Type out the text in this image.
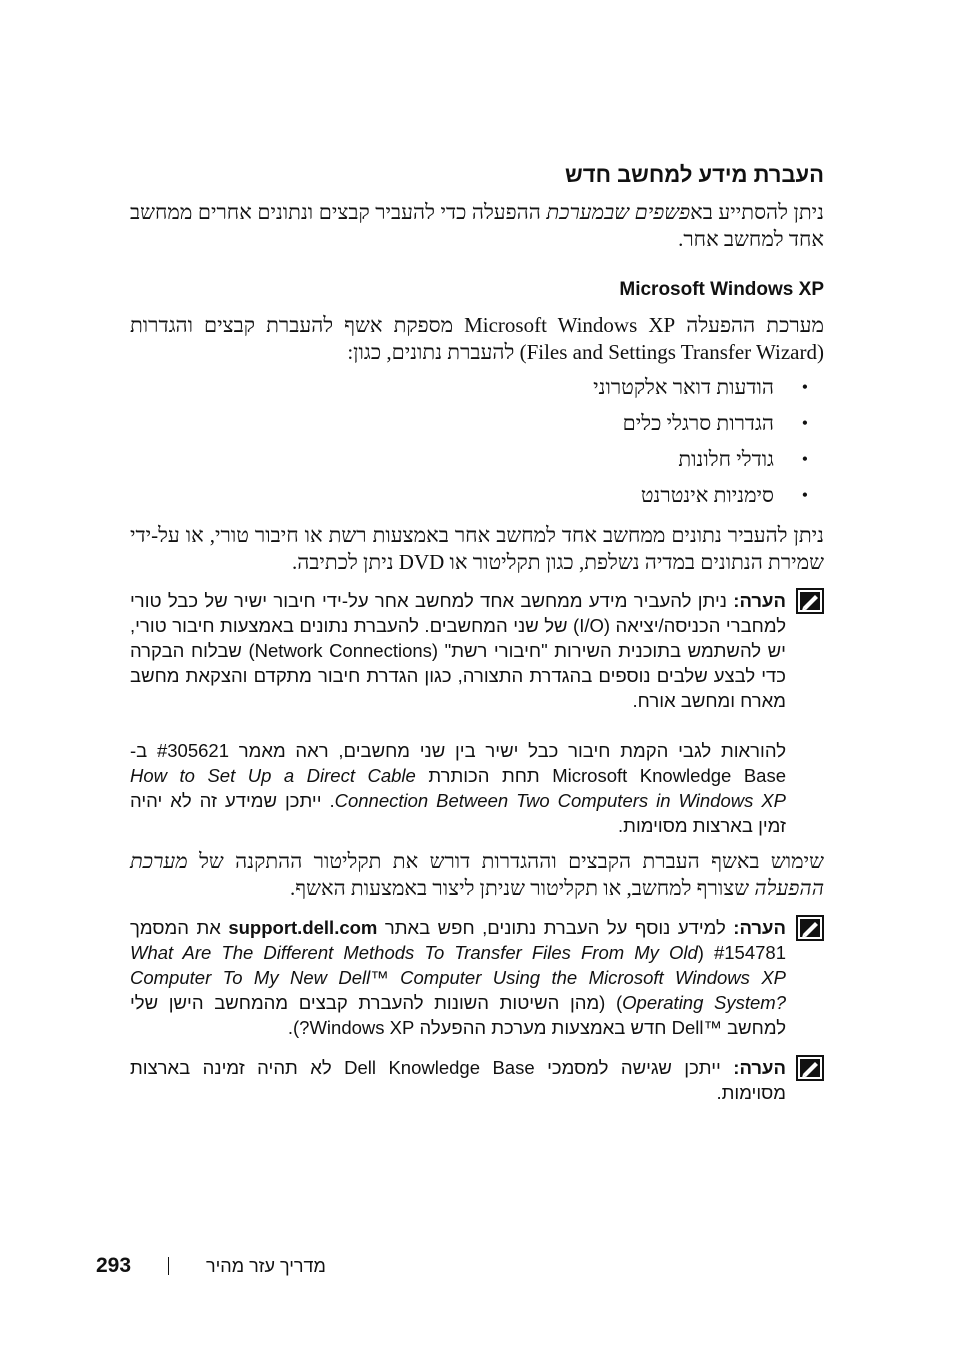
העברת מידע למחשב חדש
ניתן להסתייע באפשפים שבמערכת ההפעלה כדי להעביר קבצים ונתונים אחרים ממחשב אחד למחשב אחר.
Microsoft Windows XP
מערכת ההפעלה Microsoft Windows XP מספקת אשף להעברת קבצים והגדרות (Files and Settings Transfer Wizard) להעברת נתונים, כגון:
•
הודעות דואר אלקטרוני
•
הגדרות סרגלי כלים
•
גודלי חלונות
•
סימניות אינטרנט
ניתן להעביר נתונים ממחשב אחד למחשב אחר באמצעות רשת או חיבור טורי, או על-ידי שמירת הנתונים במדיה נשלפת, כגון תקליטור או DVD ניתן לכתיבה.
הערה: ניתן להעביר מידע ממחשב אחד למחשב אחר על-ידי חיבור ישיר של כבל טורי למחברי הכניסה/יציאה (I/O) של שני המחשבים. להעברת נתונים באמצעות חיבור טורי, יש להשתמש בתוכנית השירות "חיבורי רשת" (Network Connections) שבלוח הבקרה כדי לבצע שלבים נוספים בהגדרת התצורה, כגון הגדרת חיבור מתקדם והצקאת מחשב מארח ומחשב אורח.
להוראות לגבי הקמת חיבור כבל ישיר בין שני מחשבים, ראה מאמר #305621 ב-Microsoft Knowledge Base תחת הכותרת How to Set Up a Direct Cable Connection Between Two Computers in Windows XP. ייתכן שמידע זה לא יהיה זמין בארצות מסוימות.
שימוש באשף העברת הקבצים וההגדרות דורש את תקליטור ההתקנה של מערכת ההפעלה שצורף למחשב, או תקליטור שניתן ליצור באמצעות האשף.
הערה: למידע נוסף על העברת נתונים, חפש באתר support.dell.com את המסמך #154781 (What Are The Different Methods To Transfer Files From My Old Computer To My New Dell™ Computer Using the Microsoft Windows XP Operating System?) (מהן השיטות השונות להעברת קבצים מהמחשב הישן שלי למחשב ™Dell חדש באמצעות מערכת ההפעלה Windows XP?).
הערה: ייתכן שגישה למסמכי Dell Knowledge Base לא תהיה זמינה בארצות מסוימות.
293	מדריך עזר מהיר
